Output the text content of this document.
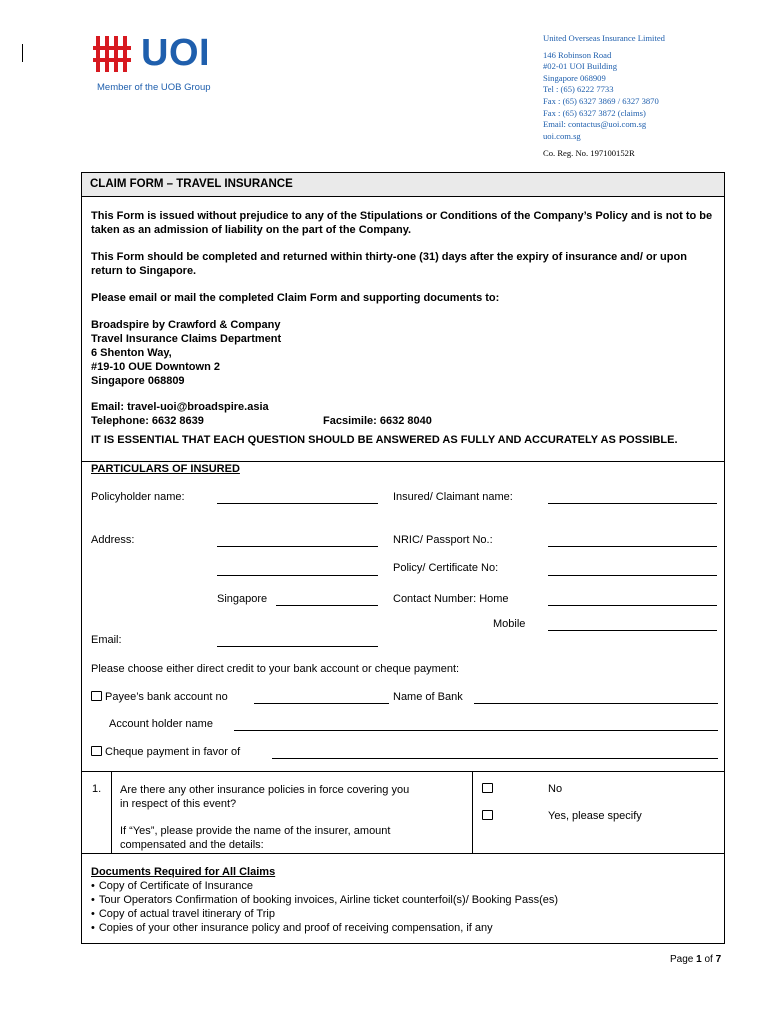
UOI
Member of the UOB Group
United Overseas Insurance Limited
146 Robinson Road
#02-01 UOI Building
Singapore 068909
Tel : (65) 6222 7733
Fax : (65) 6327 3869 / 6327 3870
Fax : (65) 6327 3872 (claims)
Email: contactus@uoi.com.sg
uoi.com.sg
Co. Reg. No. 197100152R
CLAIM FORM – TRAVEL INSURANCE

This Form is issued without prejudice to any of the Stipulations or Conditions of the Company’s Policy and is not to be taken as an admission of liability on the part of the Company.

This Form should be completed and returned within thirty-one (31) days after the expiry of insurance and/ or upon return to Singapore.

Please email or mail the completed Claim Form and supporting documents to:

Broadspire by Crawford & Company
Travel Insurance Claims Department
6 Shenton Way,
#19-10 OUE Downtown 2
Singapore 068809
Email: travel-uoi@broadspire.asia
Telephone: 6632 8639	Facsimile: 6632 8040
IT IS ESSENTIAL THAT EACH QUESTION SHOULD BE ANSWERED AS FULLY AND ACCURATELY AS POSSIBLE.
PARTICULARS OF INSURED
Policyholder name:	Insured/ Claimant name:
Address:	NRIC/ Passport No.:
Policy/ Certificate No:
Singapore	Contact Number: Home
Mobile
Email:
Please choose either direct credit to your bank account or cheque payment:
Payee’s bank account no	Name of Bank
Account holder name
Cheque payment in favor of
1. Are there any other insurance policies in force covering you
in respect of this event?
If “Yes”, please provide the name of the insurer, amount
compensated and the details:
No
Yes, please specify
Documents Required for All Claims
• Copy of Certificate of Insurance
• Tour Operators Confirmation of booking invoices, Airline ticket counterfoil(s)/ Booking Pass(es)
• Copy of actual travel itinerary of Trip
• Copies of your other insurance policy and proof of receiving compensation, if any
Page 1 of 7
